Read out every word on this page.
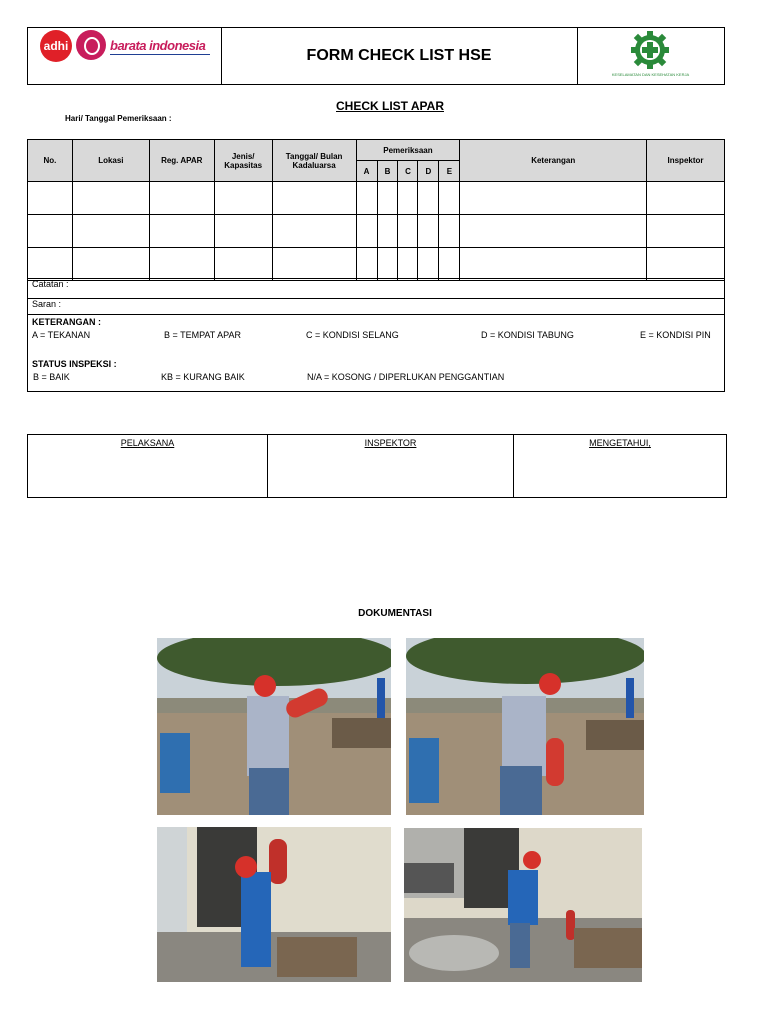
adhi	barata indonesia
FORM CHECK LIST HSE
KESELAMATAN DAN KESEHATAN KERJA
CHECK LIST APAR
Hari/ Tanggal Pemeriksaan :
No.	Lokasi	Reg. APAR	Jenis/ Kapasitas	Tanggal/ Bulan Kadaluarsa	Pemeriksaan					Keterangan	Inspektor
					A	B	C	D	E		

Catatan :
Saran :
KETERANGAN :
A = TEKANAN	B = TEMPAT APAR	C = KONDISI SELANG	D = KONDISI TABUNG	E = KONDISI PIN
STATUS INSPEKSI :
B = BAIK	KB = KURANG BAIK	N/A = KOSONG / DIPERLUKAN PENGGANTIAN
PELAKSANA	INSPEKTOR	MENGETAHUI,
DOKUMENTASI
